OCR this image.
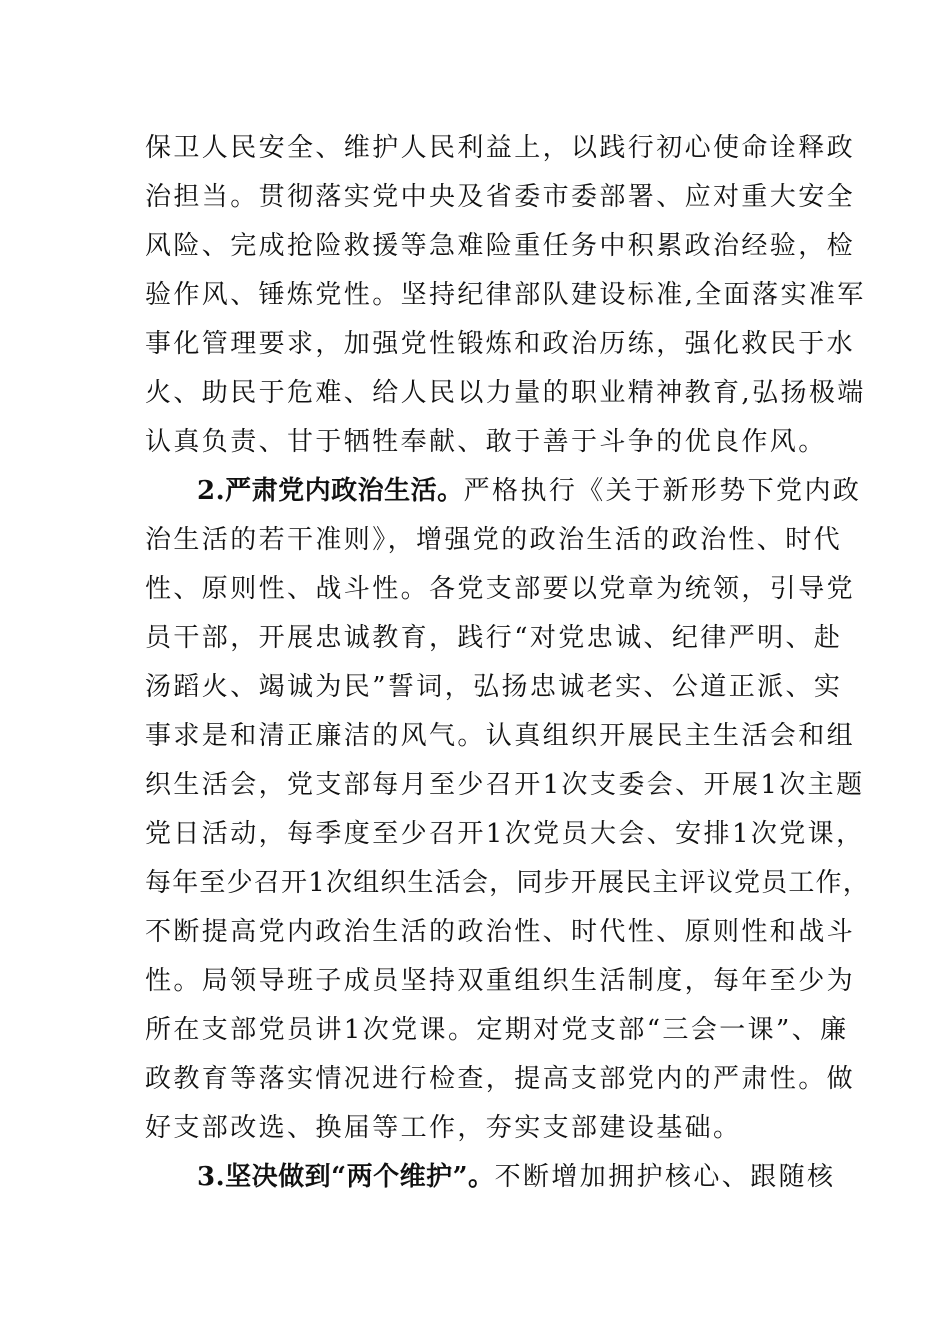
保卫人民安全、维护人民利益上，以践行初心使命诠释政
治担当。贯彻落实党中央及省委市委部署、应对重大安全
风险、完成抢险救援等急难险重任务中积累政治经验，检
验作风、锤炼党性。坚持纪律部队建设标准,全面落实准军
事化管理要求，加强党性锻炼和政治历练，强化救民于水
火、助民于危难、给人民以力量的职业精神教育,弘扬极端
认真负责、甘于牺牲奉献、敢于善于斗争的优良作风。
2.严肃党内政治生活。严格执行《关于新形势下党内政
治生活的若干准则》，增强党的政治生活的政治性、时代
性、原则性、战斗性。各党支部要以党章为统领，引导党
员干部，开展忠诚教育，践行“对党忠诚、纪律严明、赴
汤蹈火、竭诚为民”誓词，弘扬忠诚老实、公道正派、实
事求是和清正廉洁的风气。认真组织开展民主生活会和组
织生活会，党支部每月至少召开1次支委会、开展1次主题
党日活动，每季度至少召开1次党员大会、安排1次党课，
每年至少召开1次组织生活会，同步开展民主评议党员工作，
不断提高党内政治生活的政治性、时代性、原则性和战斗
性。局领导班子成员坚持双重组织生活制度，每年至少为
所在支部党员讲1次党课。定期对党支部“三会一课”、廉
政教育等落实情况进行检查，提高支部党内的严肃性。做
好支部改选、换届等工作，夯实支部建设基础。
3.坚决做到“两个维护”。不断增加拥护核心、跟随核
